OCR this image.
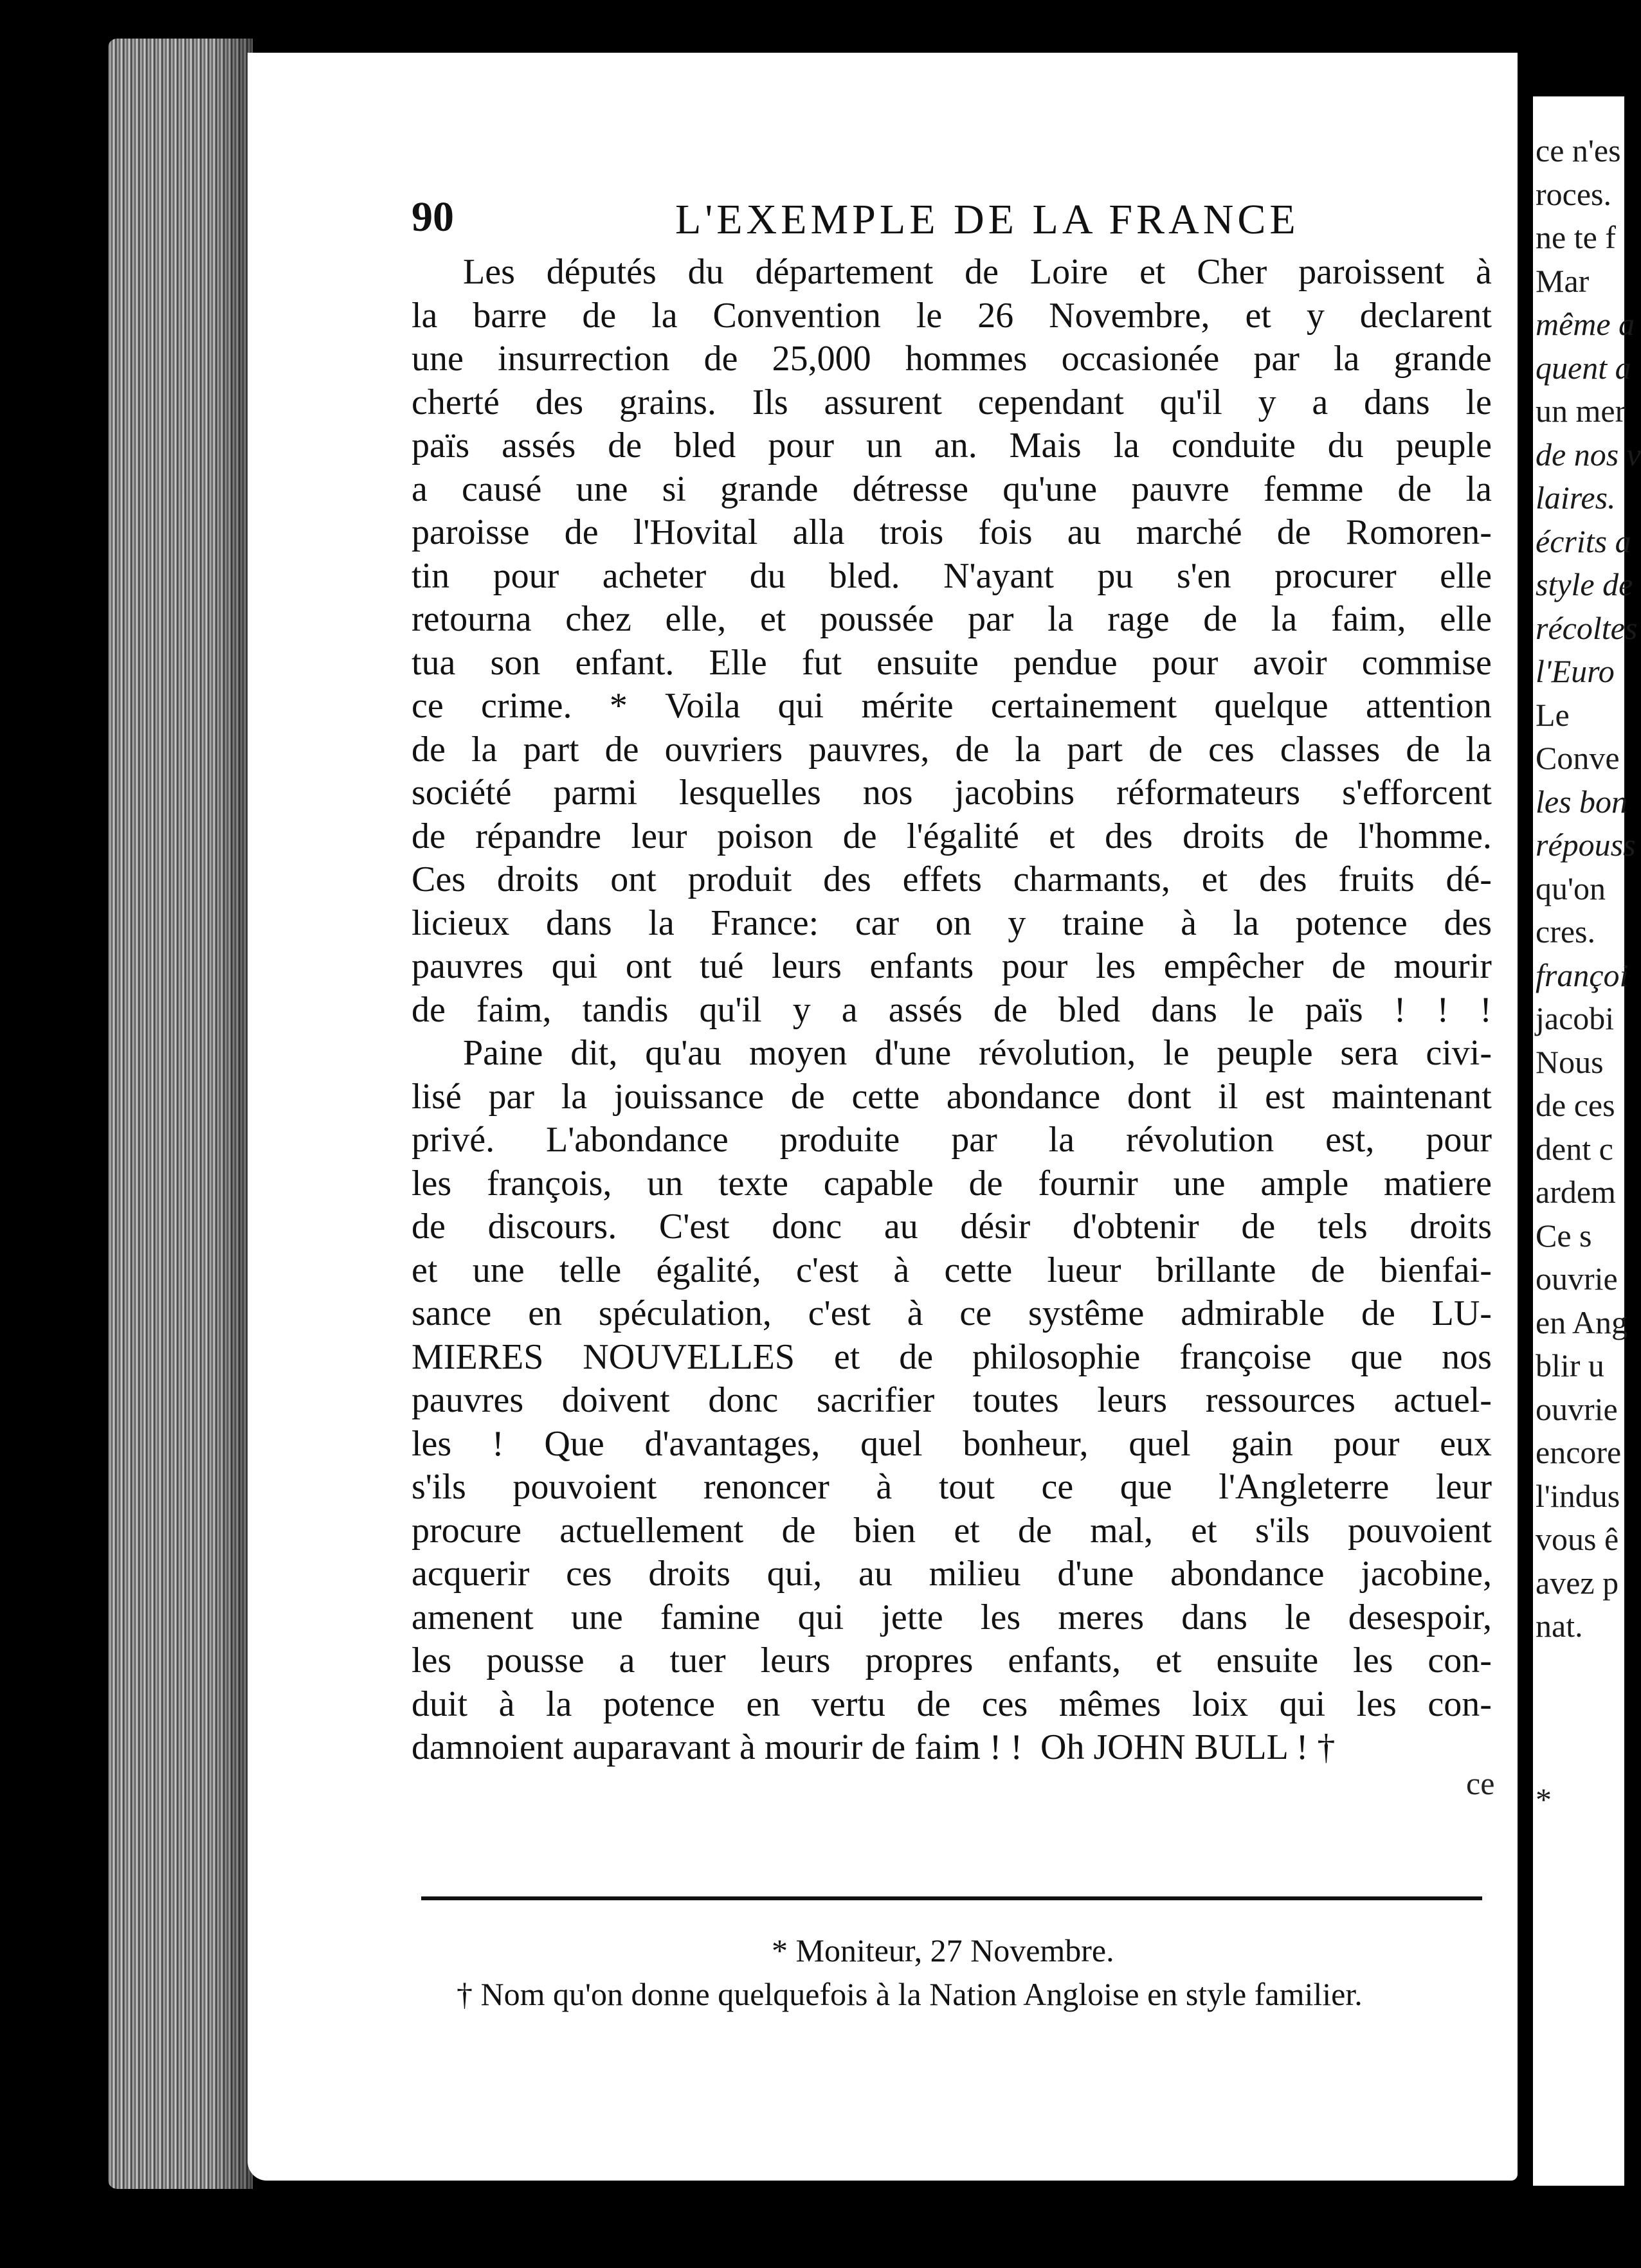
ce n'es
roces.
ne te f
Mar
même a
quent a
un mer
de nos v
laires.
écrits a
style de
récoltes
l'Euro
Le
Conve
les bon
répouss
qu'on
cres.
françoi
jacobi
Nous
de ces
dent c
ardem
Ce s
ouvrie
en Ang
blir u
ouvrie
encore
l'indus
vous ê
avez p
nat.
*
90	L'EXEMPLE DE LA FRANCE
Les députés du département de Loire et Cher paroissent à
la barre de la Convention le 26 Novembre, et y declarent
une insurrection de 25,000 hommes occasionée par la grande
cherté des grains. Ils assurent cependant qu'il y a dans le
païs assés de bled pour un an. Mais la conduite du peuple
a causé une si grande détresse qu'une pauvre femme de la
paroisse de l'Hovital alla trois fois au marché de Romoren-
tin pour acheter du bled. N'ayant pu s'en procurer elle
retourna chez elle, et poussée par la rage de la faim, elle
tua son enfant. Elle fut ensuite pendue pour avoir commise
ce crime. * Voila qui mérite certainement quelque attention
de la part de ouvriers pauvres, de la part de ces classes de la
société parmi lesquelles nos jacobins réformateurs s'efforcent
de répandre leur poison de l'égalité et des droits de l'homme.
Ces droits ont produit des effets charmants, et des fruits dé-
licieux dans la France: car on y traine à la potence des
pauvres qui ont tué leurs enfants pour les empêcher de mourir
de faim, tandis qu'il y a assés de bled dans le païs ! ! !
Paine dit, qu'au moyen d'une révolution, le peuple sera civi-
lisé par la jouissance de cette abondance dont il est maintenant
privé. L'abondance produite par la révolution est, pour
les françois, un texte capable de fournir une ample matiere
de discours. C'est donc au désir d'obtenir de tels droits
et une telle égalité, c'est à cette lueur brillante de bienfai-
sance en spéculation, c'est à ce systême admirable de LU-
MIERES NOUVELLES et de philosophie françoise que nos
pauvres doivent donc sacrifier toutes leurs ressources actuel-
les ! Que d'avantages, quel bonheur, quel gain pour eux
s'ils pouvoient renoncer à tout ce que l'Angleterre leur
procure actuellement de bien et de mal, et s'ils pouvoient
acquerir ces droits qui, au milieu d'une abondance jacobine,
amenent une famine qui jette les meres dans le desespoir,
les pousse a tuer leurs propres enfants, et ensuite les con-
duit à la potence en vertu de ces mêmes loix qui les con-
damnoient auparavant à mourir de faim ! !  Oh JOHN BULL ! †
ce
* Moniteur, 27 Novembre.
† Nom qu'on donne quelquefois à la Nation Angloise en style familier.
